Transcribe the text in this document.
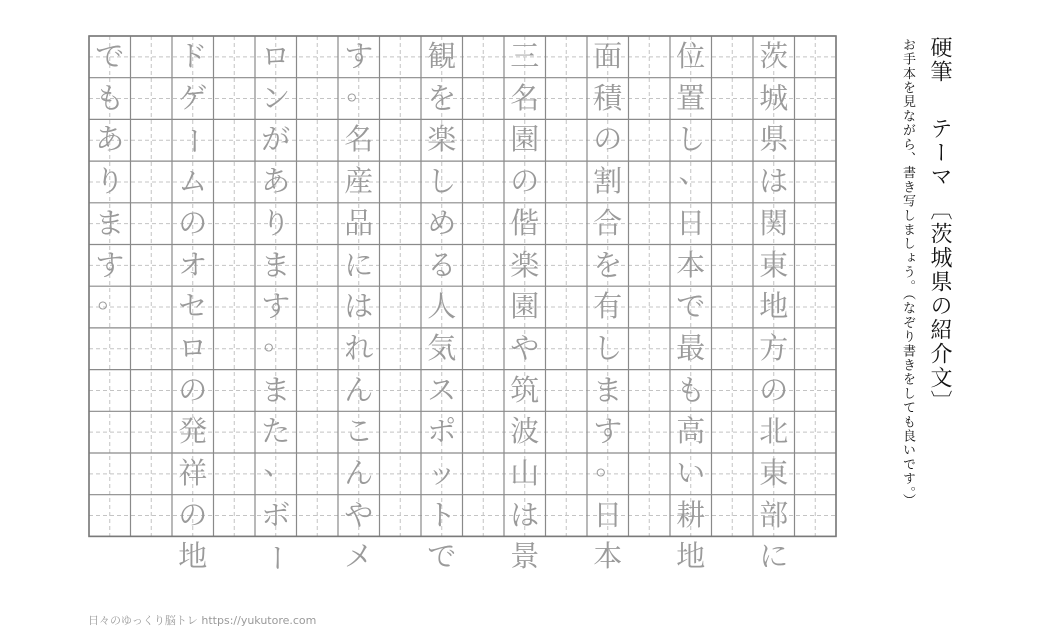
茨
城
県
は
関
東
地
方
の
北
東
部
に
位
置
し
、
日
本
で
最
も
高
い
耕
地
面
積
の
割
合
を
有
し
ま
す
。
日
本
三
名
園
の
偕
楽
園
や
筑
波
山
は
景
観
を
楽
し
め
る
人
気
ス
ポ
ッ
ト
で
す
。
名
産
品
に
は
れ
ん
こ
ん
や
メ
ロ
ン
が
あ
り
ま
す
。
ま
た
、
ボ
ー
ド
ゲ
ー
ム
の
オ
セ
ロ
の
発
祥
の
地
で
も
あ
り
ま
す
。	硬筆　 テーマ 〔茨城県の紹介文〕
お手本を見ながら、書き写しましょう。（なぞり書きをしても良いです。）
日々のゆっくり脳トレ https://yukutore.com
